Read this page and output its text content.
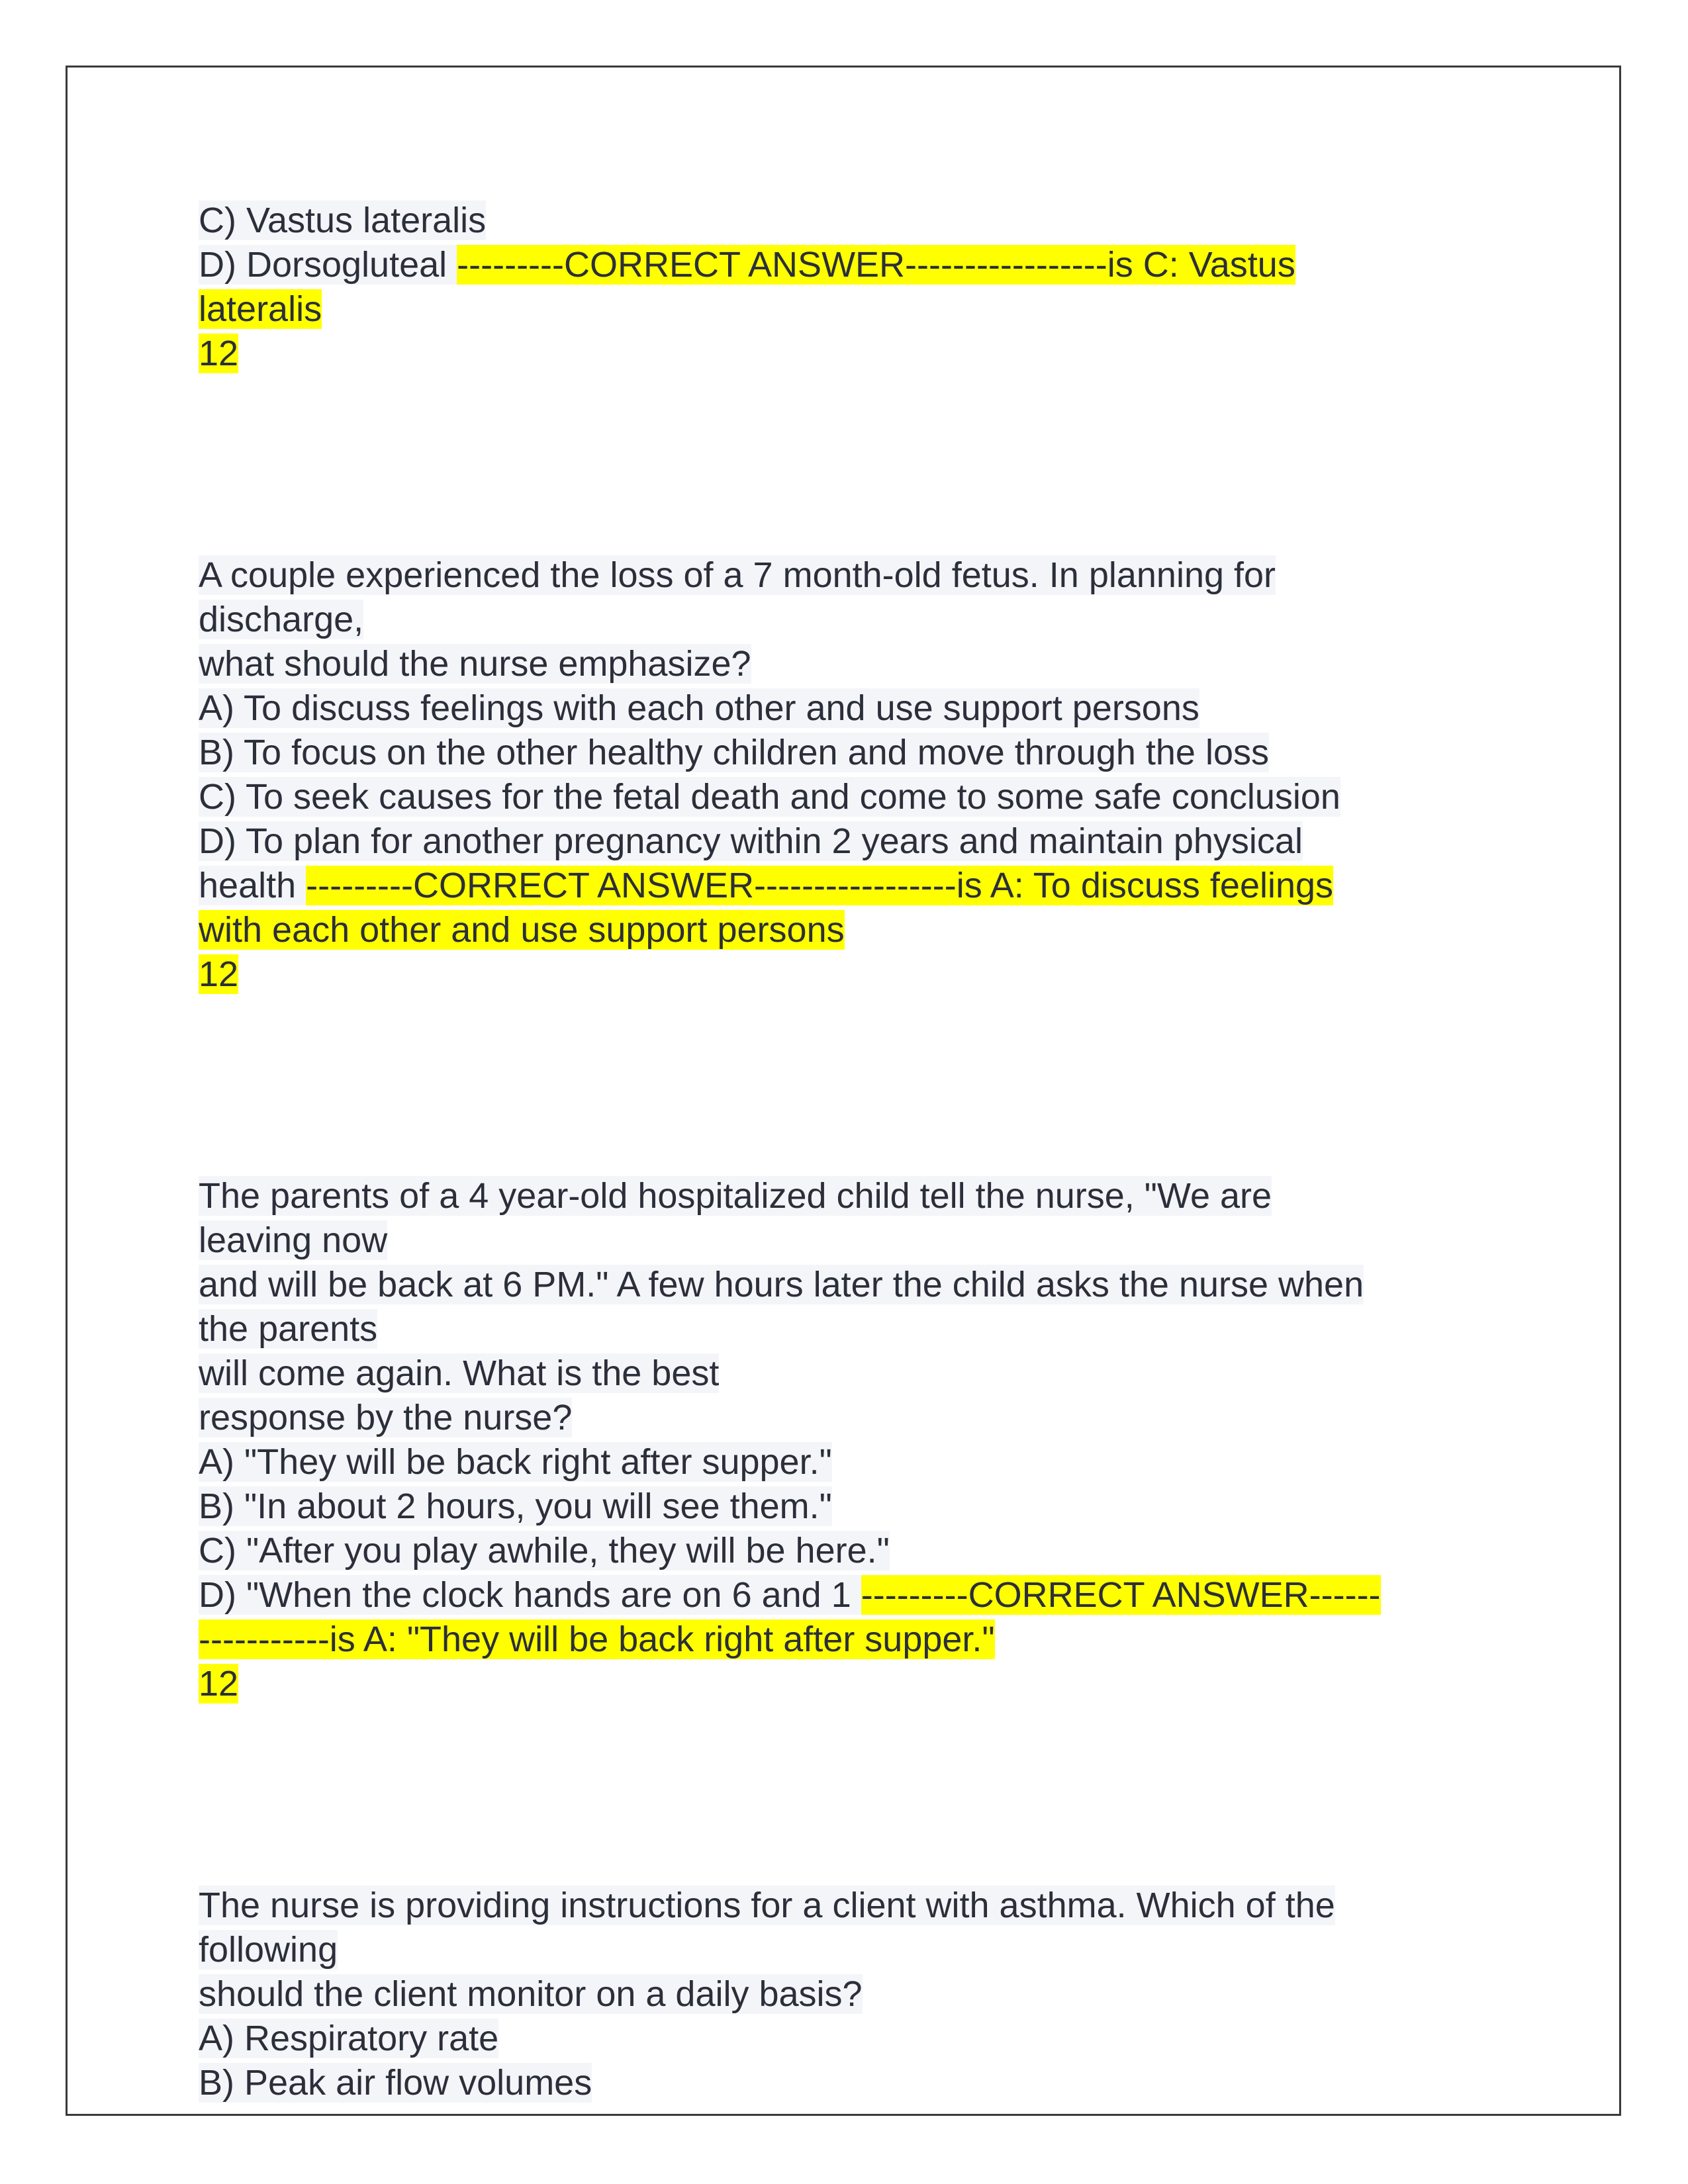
C) Vastus lateralis
D) Dorsogluteal ---------CORRECT ANSWER-----------------is C: Vastus
lateralis
12
A couple experienced the loss of a 7 month-old fetus. In planning for
discharge,
what should the nurse emphasize?
A) To discuss feelings with each other and use support persons
B) To focus on the other healthy children and move through the loss
C) To seek causes for the fetal death and come to some safe conclusion
D) To plan for another pregnancy within 2 years and maintain physical
health ---------CORRECT ANSWER-----------------is A: To discuss feelings
with each other and use support persons
12
The parents of a 4 year-old hospitalized child tell the nurse, "We are
leaving now
and will be back at 6 PM." A few hours later the child asks the nurse when
the parents
will come again. What is the best
response by the nurse?
A) "They will be back right after supper."
B) "In about 2 hours, you will see them."
C) "After you play awhile, they will be here."
D) "When the clock hands are on 6 and 1 ---------CORRECT ANSWER------
-----------is A: "They will be back right after supper."
12
The nurse is providing instructions for a client with asthma. Which of the
following
should the client monitor on a daily basis?
A) Respiratory rate
B) Peak air flow volumes
